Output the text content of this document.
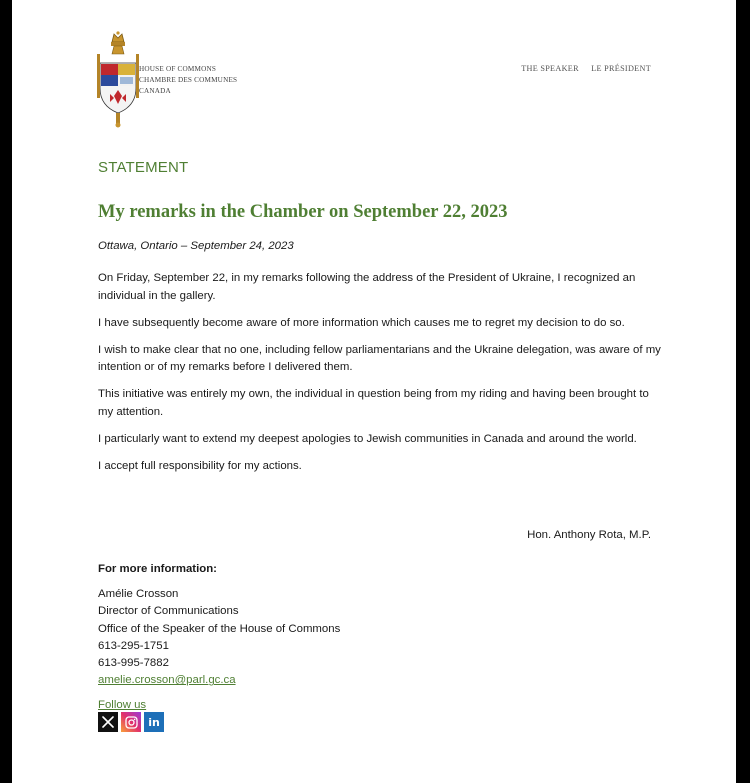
HOUSE OF COMMONS
CHAMBRE DES COMMUNES
CANADA
THE SPEAKER LE PRÉSIDENT
STATEMENT
My remarks in the Chamber on September 22, 2023
Ottawa, Ontario – September 24, 2023

On Friday, September 22, in my remarks following the address of the President of Ukraine, I recognized an individual in the gallery.

I have subsequently become aware of more information which causes me to regret my decision to do so.

I wish to make clear that no one, including fellow parliamentarians and the Ukraine delegation, was aware of my intention or of my remarks before I delivered them.

This initiative was entirely my own, the individual in question being from my riding and having been brought to my attention.

I particularly want to extend my deepest apologies to Jewish communities in Canada and around the world.

I accept full responsibility for my actions.

Hon. Anthony Rota, M.P.
For more information:
Amélie Crosson
Director of Communications
Office of the Speaker of the House of Commons
613-295-1751
613-995-7882
amelie.crosson@parl.gc.ca
Follow us
in
